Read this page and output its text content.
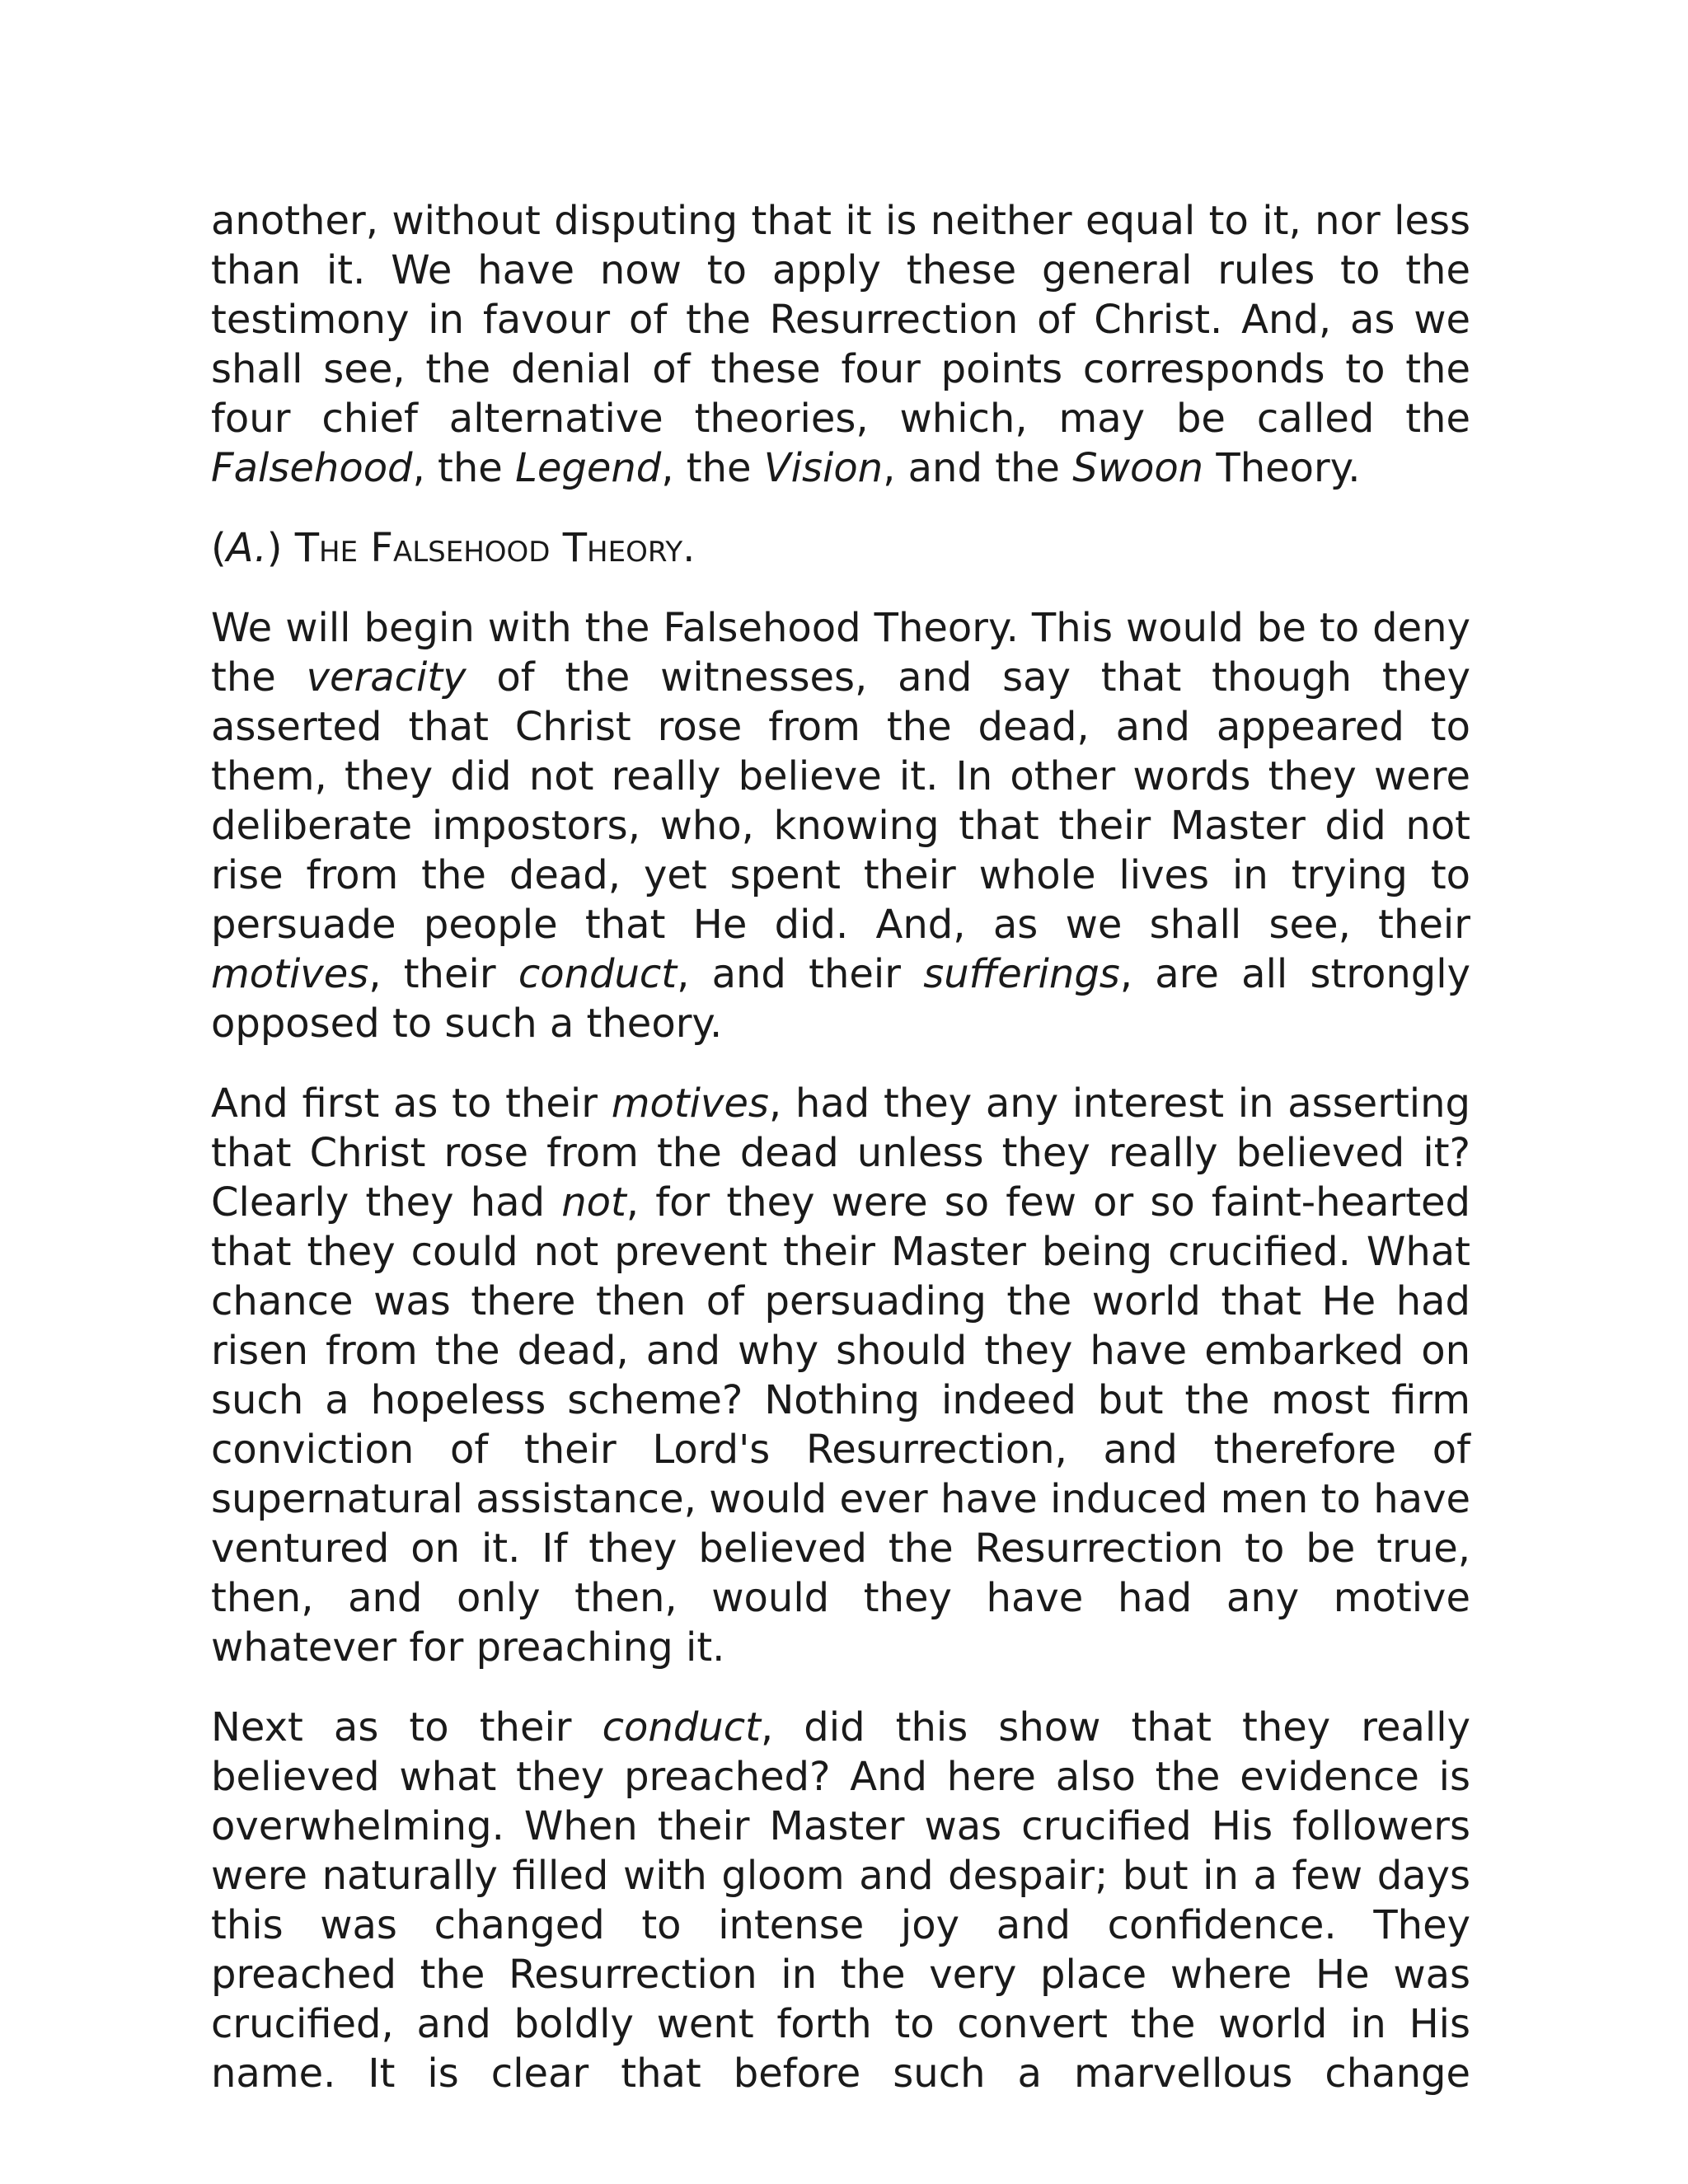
another, without disputing that it is neither equal to it, nor less than it. We have now to apply these general rules to the testimony in favour of the Resurrection of Christ. And, as we shall see, the denial of these four points corresponds to the four chief alternative theories, which, may be called the Falsehood, the Legend, the Vision, and the Swoon Theory.

(A.) The Falsehood Theory.

We will begin with the Falsehood Theory. This would be to deny the veracity of the witnesses, and say that though they asserted that Christ rose from the dead, and appeared to them, they did not really believe it. In other words they were deliberate impostors, who, knowing that their Master did not rise from the dead, yet spent their whole lives in trying to persuade people that He did. And, as we shall see, their motives, their conduct, and their sufferings, are all strongly opposed to such a theory.

And first as to their motives, had they any interest in asserting that Christ rose from the dead unless they really believed it? Clearly they had not, for they were so few or so faint-hearted that they could not prevent their Master being crucified. What chance was there then of persuading the world that He had risen from the dead, and why should they have embarked on such a hopeless scheme? Nothing indeed but the most firm conviction of their Lord's Resurrection, and therefore of supernatural assistance, would ever have induced men to have ventured on it. If they believed the Resurrection to be true, then, and only then, would they have had any motive whatever for preaching it.

Next as to their conduct, did this show that they really believed what they preached? And here also the evidence is overwhelming. When their Master was crucified His followers were naturally filled with gloom and despair; but in a few days this was changed to intense joy and confidence. They preached the Resurrection in the very place where He was crucified, and boldly went forth to convert the world in His name. It is clear that before such a marvellous change
